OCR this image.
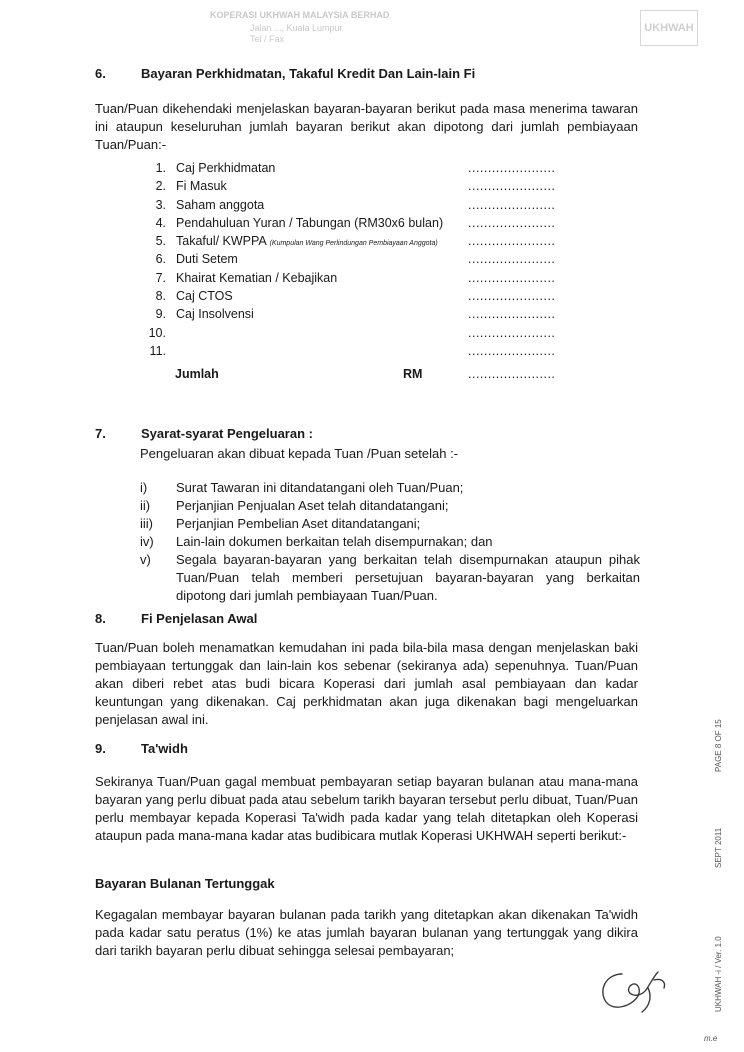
KOPERASI UKHWAH MALAYSIA BERHAD
Jalan ..., Kuala Lumpur
Tel / Fax
UKHWAH
6.	Bayaran Perkhidmatan, Takaful Kredit Dan Lain-lain Fi
Tuan/Puan dikehendaki menjelaskan bayaran-bayaran berikut pada masa menerima tawaran ini ataupun keseluruhan jumlah bayaran berikut akan dipotong dari jumlah pembiayaan Tuan/Puan:-
1. Caj Perkhidmatan	......................
2. Fi Masuk	......................
3. Saham anggota	......................
4. Pendahuluan Yuran / Tabungan (RM30x6 bulan) ......................
5. Takaful/ KWPPA (Kumpulan Wang Perlindungan Pembiayaan Anggota) ......................
6. Duti Setem	......................
7. Khairat Kematian / Kebajikan	......................
8. Caj CTOS	......................
9. Caj Insolvensi	......................
10.	......................
11.	......................
Jumlah	RM	......................
7.	Syarat-syarat Pengeluaran :
Pengeluaran akan dibuat kepada Tuan /Puan setelah :-
i) Surat Tawaran ini ditandatangani oleh Tuan/Puan;
ii) Perjanjian Penjualan Aset telah ditandatangani;
iii) Perjanjian Pembelian Aset ditandatangani;
iv) Lain-lain dokumen berkaitan telah disempurnakan; dan
v) Segala bayaran-bayaran yang berkaitan telah disempurnakan ataupun pihak Tuan/Puan telah memberi persetujuan bayaran-bayaran yang berkaitan dipotong dari jumlah pembiayaan Tuan/Puan.
8.	Fi Penjelasan Awal
Tuan/Puan boleh menamatkan kemudahan ini pada bila-bila masa dengan menjelaskan baki pembiayaan tertunggak dan lain-lain kos sebenar (sekiranya ada) sepenuhnya. Tuan/Puan akan diberi rebet atas budi bicara Koperasi dari jumlah asal pembiayaan dan kadar keuntungan yang dikenakan. Caj perkhidmatan akan juga dikenakan bagi mengeluarkan penjelasan awal ini.
9.	Ta'widh
Sekiranya Tuan/Puan gagal membuat pembayaran setiap bayaran bulanan atau mana-mana bayaran yang perlu dibuat pada atau sebelum tarikh bayaran tersebut perlu dibuat, Tuan/Puan perlu membayar kepada Koperasi Ta'widh pada kadar yang telah ditetapkan oleh Koperasi ataupun pada mana-mana kadar atas budibicara mutlak Koperasi UKHWAH seperti berikut:-
Bayaran Bulanan Tertunggak
Kegagalan membayar bayaran bulanan pada tarikh yang ditetapkan akan dikenakan Ta'widh pada kadar satu peratus (1%) ke atas jumlah bayaran bulanan yang tertunggak yang dikira dari tarikh bayaran perlu dibuat sehingga selesai pembayaran;	UKHWAH -i / Ver. 1.0
SEPT 2011
PAGE 8 OF 15
m.e
